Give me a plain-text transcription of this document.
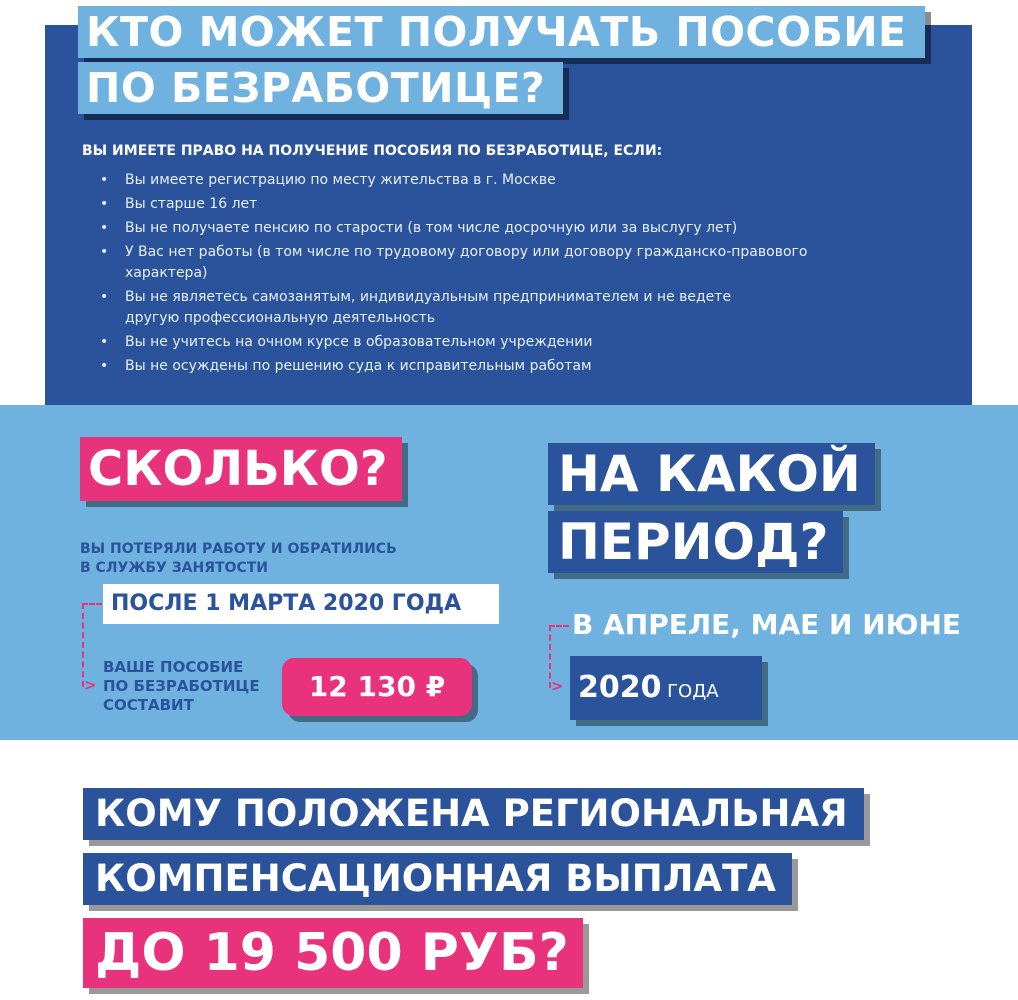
КТО МОЖЕТ ПОЛУЧАТЬ ПОСОБИЕ
ПО БЕЗРАБОТИЦЕ?
ВЫ ИМЕЕТЕ ПРАВО НА ПОЛУЧЕНИЕ ПОСОБИЯ ПО БЕЗРАБОТИЦЕ, ЕСЛИ:
• Вы имеете регистрацию по месту жительства в г. Москве
• Вы старше 16 лет
• Вы не получаете пенсию по старости (в том числе досрочную или за выслугу лет)
• У Вас нет работы (в том числе по трудовому договору или договору гражданско-правового
характера)
• Вы не являетесь самозанятым, индивидуальным предпринимателем и не ведете
другую профессиональную деятельность
• Вы не учитесь на очном курсе в образовательном учреждении
• Вы не осуждены по решению суда к исправительным работам
СКОЛЬКО?
ВЫ ПОТЕРЯЛИ РАБОТУ И ОБРАТИЛИСЬ
В СЛУЖБУ ЗАНЯТОСТИ
>
ПОСЛЕ 1 МАРТА 2020 ГОДА
ВАШЕ ПОСОБИЕ
ПО БЕЗРАБОТИЦЕ
СОСТАВИТ
12 130 ₽
НА КАКОЙ
ПЕРИОД?
>
В АПРЕЛЕ, МАЕ И ИЮНЕ
2020 ГОДА
КОМУ ПОЛОЖЕНА РЕГИОНАЛЬНАЯ
КОМПЕНСАЦИОННАЯ ВЫПЛАТА
ДО 19 500 РУБ?
